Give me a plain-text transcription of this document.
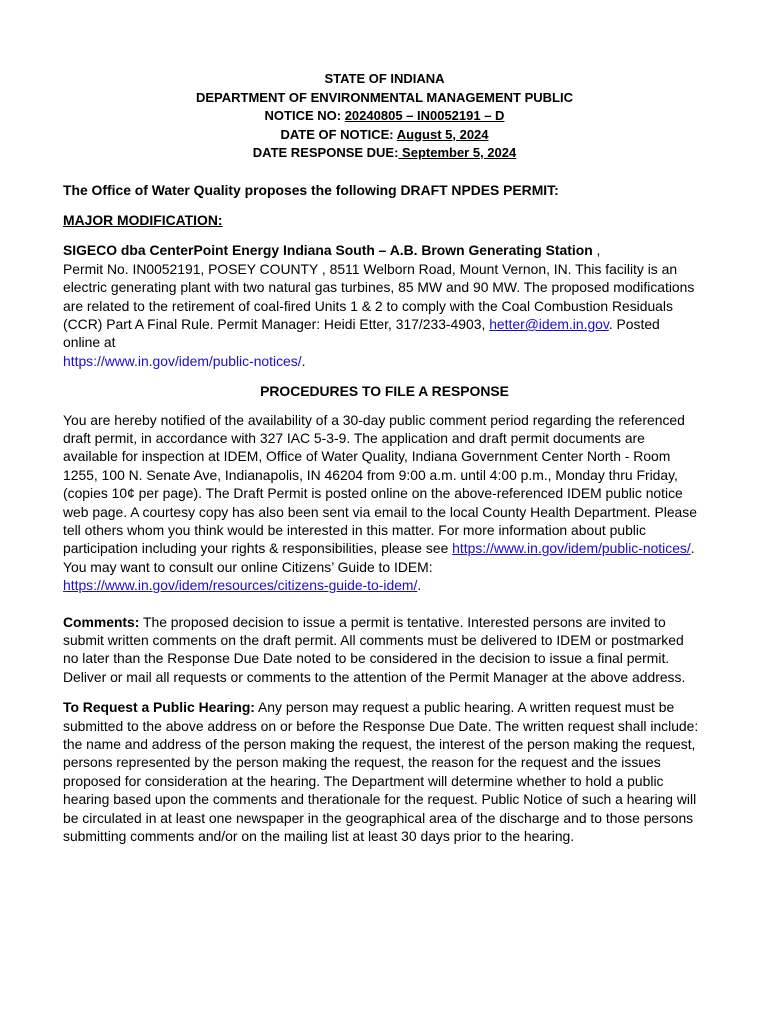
STATE OF INDIANA
DEPARTMENT OF ENVIRONMENTAL MANAGEMENT PUBLIC
NOTICE NO: 20240805 – IN0052191 – D
DATE OF NOTICE: August 5, 2024
DATE RESPONSE DUE: September 5, 2024

The Office of Water Quality proposes the following DRAFT NPDES PERMIT:

MAJOR MODIFICATION:

SIGECO dba CenterPoint Energy Indiana South – A.B. Brown Generating Station ,
Permit No. IN0052191, POSEY COUNTY , 8511 Welborn Road, Mount Vernon, IN. This facility is an electric generating plant with two natural gas turbines, 85 MW and 90 MW. The proposed modifications are related to the retirement of coal-fired Units 1 & 2 to comply with the Coal Combustion Residuals (CCR) Part A Final Rule. Permit Manager: Heidi Etter, 317/233-4903, hetter@idem.in.gov. Posted online at
https://www.in.gov/idem/public-notices/.

PROCEDURES TO FILE A RESPONSE

You are hereby notified of the availability of a 30-day public comment period regarding the referenced draft permit, in accordance with 327 IAC 5-3-9. The application and draft permit documents are available for inspection at IDEM, Office of Water Quality, Indiana Government Center North - Room 1255, 100 N. Senate Ave, Indianapolis, IN 46204 from 9:00 a.m. until 4:00 p.m., Monday thru Friday, (copies 10¢ per page). The Draft Permit is posted online on the above-referenced IDEM public notice web page. A courtesy copy has also been sent via email to the local County Health Department. Please tell others whom you think would be interested in this matter. For more information about public participation including your rights & responsibilities, please see https://www.in.gov/idem/public-notices/. You may want to consult our online Citizens’ Guide to IDEM: https://www.in.gov/idem/resources/citizens-guide-to-idem/.

Comments: The proposed decision to issue a permit is tentative. Interested persons are invited to submit written comments on the draft permit. All comments must be delivered to IDEM or postmarked no later than the Response Due Date noted to be considered in the decision to issue a final permit. Deliver or mail all requests or comments to the attention of the Permit Manager at the above address.

To Request a Public Hearing: Any person may request a public hearing. A written request must be submitted to the above address on or before the Response Due Date. The written request shall include: the name and address of the person making the request, the interest of the person making the request, persons represented by the person making the request, the reason for the request and the issues proposed for consideration at the hearing. The Department will determine whether to hold a public hearing based upon the comments and therationale for the request. Public Notice of such a hearing will be circulated in at least one newspaper in the geographical area of the discharge and to those persons submitting comments and/or on the mailing list at least 30 days prior to the hearing.
